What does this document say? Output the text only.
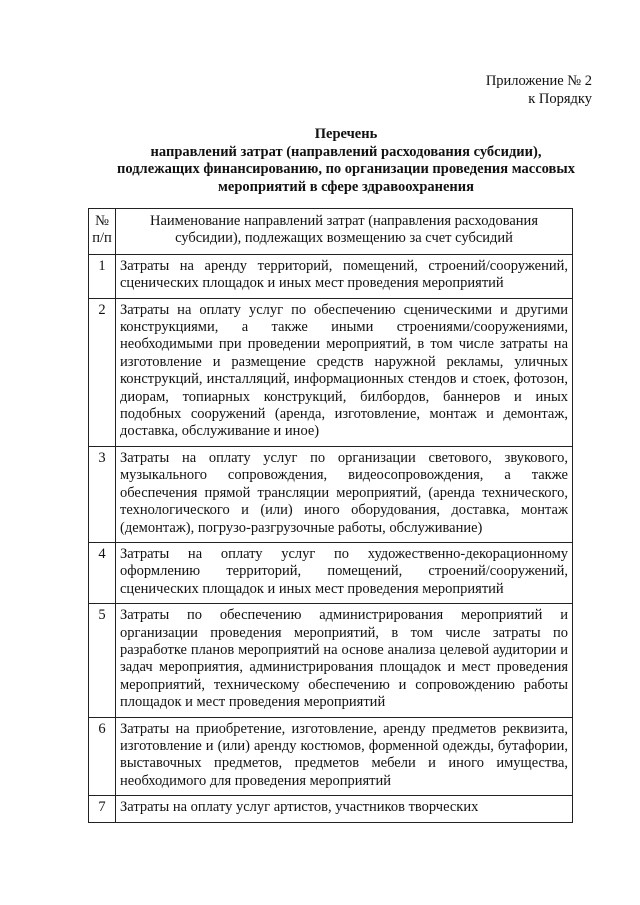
Приложение № 2
к Порядку
Перечень
направлений затрат (направлений расходования субсидии),
подлежащих финансированию, по организации проведения массовых
мероприятий в сфере здравоохранения
№ п/п	Наименование направлений затрат (направления расходования субсидии), подлежащих возмещению за счет субсидий
1	Затраты на аренду территорий, помещений, строений/сооружений, сценических площадок и иных мест проведения мероприятий
2	Затраты на оплату услуг по обеспечению сценическими и другими конструкциями, а также иными строениями/сооружениями, необходимыми при проведении мероприятий, в том числе затраты на изготовление и размещение средств наружной рекламы, уличных конструкций, инсталляций, информационных стендов и стоек, фотозон, диорам, топиарных конструкций, билбордов, баннеров и иных подобных сооружений (аренда, изготовление, монтаж и демонтаж, доставка, обслуживание и иное)
3	Затраты на оплату услуг по организации светового, звукового, музыкального сопровождения, видеосопровождения, а также обеспечения прямой трансляции мероприятий, (аренда технического, технологического и (или) иного оборудования, доставка, монтаж (демонтаж), погрузо-разгрузочные работы, обслуживание)
4	Затраты на оплату услуг по художественно-декорационному оформлению территорий, помещений, строений/сооружений, сценических площадок и иных мест проведения мероприятий
5	Затраты по обеспечению администрирования мероприятий и организации проведения мероприятий, в том числе затраты по разработке планов мероприятий на основе анализа целевой аудитории и задач мероприятия, администрирования площадок и мест проведения мероприятий, техническому обеспечению и сопровождению работы площадок и мест проведения мероприятий
6	Затраты на приобретение, изготовление, аренду предметов реквизита, изготовление и (или) аренду костюмов, форменной одежды, бутафории, выставочных предметов, предметов мебели и иного имущества, необходимого для проведения мероприятий
7	Затраты на оплату услуг артистов, участников творческих
